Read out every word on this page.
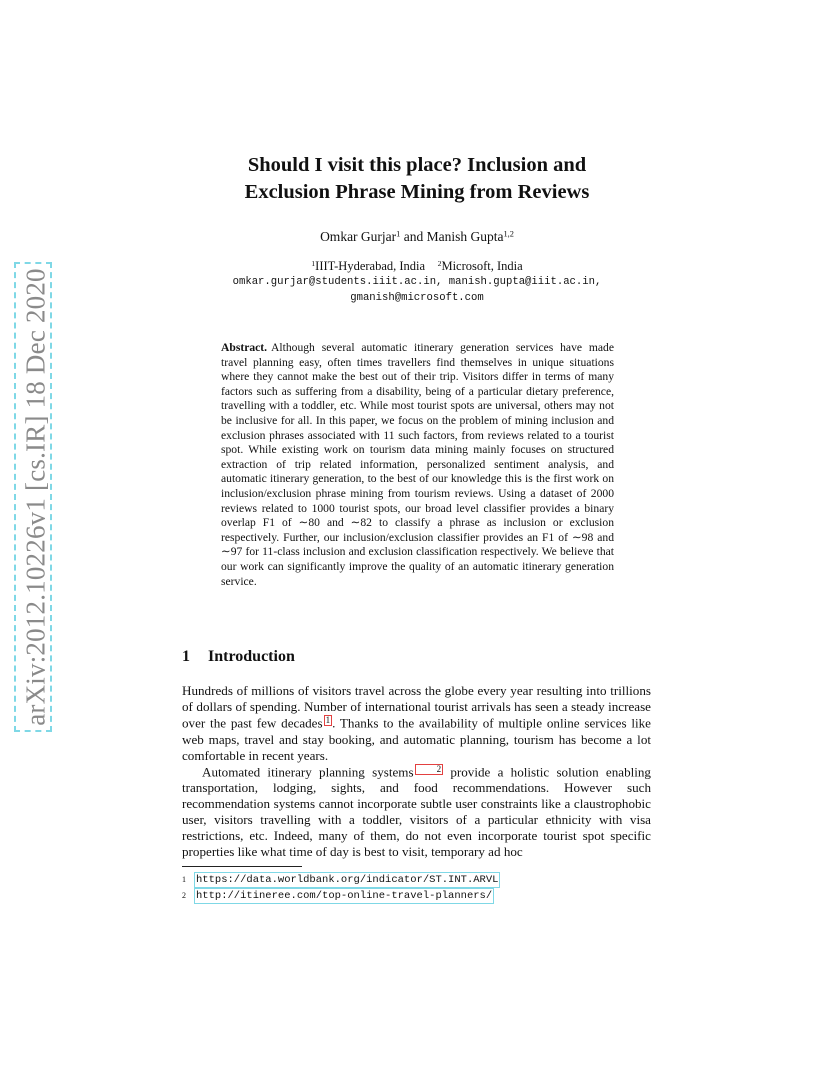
arXiv:2012.10226v1 [cs.IR] 18 Dec 2020
Should I visit this place? Inclusion and
Exclusion Phrase Mining from Reviews
Omkar Gurjar$^1$ and Manish Gupta$^{1,2}$
$^1$IIIT-Hyderabad, India $^2$Microsoft, India
omkar.gurjar@students.iiit.ac.in, manish.gupta@iiit.ac.in,
gmanish@microsoft.com

Abstract. Although several automatic itinerary generation services have made travel planning easy, often times travellers find themselves in unique situations where they cannot make the best out of their trip. Visitors differ in terms of many factors such as suffering from a disability, being of a particular dietary preference, travelling with a toddler, etc. While most tourist spots are universal, others may not be inclusive for all. In this paper, we focus on the problem of mining inclusion and exclusion phrases associated with 11 such factors, from reviews related to a tourist spot. While existing work on tourism data mining mainly focuses on structured extraction of trip related information, personalized sentiment analysis, and automatic itinerary generation, to the best of our knowledge this is the first work on inclusion/exclusion phrase mining from tourism reviews. Using a dataset of 2000 reviews related to 1000 tourist spots, our broad level classifier provides a binary overlap F1 of ∼80 and ∼82 to classify a phrase as inclusion or exclusion respectively. Further, our inclusion/exclusion classifier provides an F1 of ∼98 and ∼97 for 11-class inclusion and exclusion classification respectively. We believe that our work can significantly improve the quality of an automatic itinerary generation service.

1 Introduction

Hundreds of millions of visitors travel across the globe every year resulting into trillions of dollars of spending. Number of international tourist arrivals has seen a steady increase over the past few decades 1 . Thanks to the availability of multiple online services like web maps, travel and stay booking, and automatic planning, tourism has become a lot comfortable in recent years.

Automated itinerary planning systems	2 provide a holistic solution enabling transportation, lodging, sights, and food recommendations. However such recommendation systems cannot incorporate subtle user constraints like a claustrophobic user, visitors travelling with a toddler, visitors of a particular ethnicity with visa restrictions, etc. Indeed, many of them, do not even incorporate tourist spot specific properties like what time of day is best to visit, temporary ad hoc

1 https://data.worldbank.org/indicator/ST.INT.ARVL
2 http://itineree.com/top-online-travel-planners/
